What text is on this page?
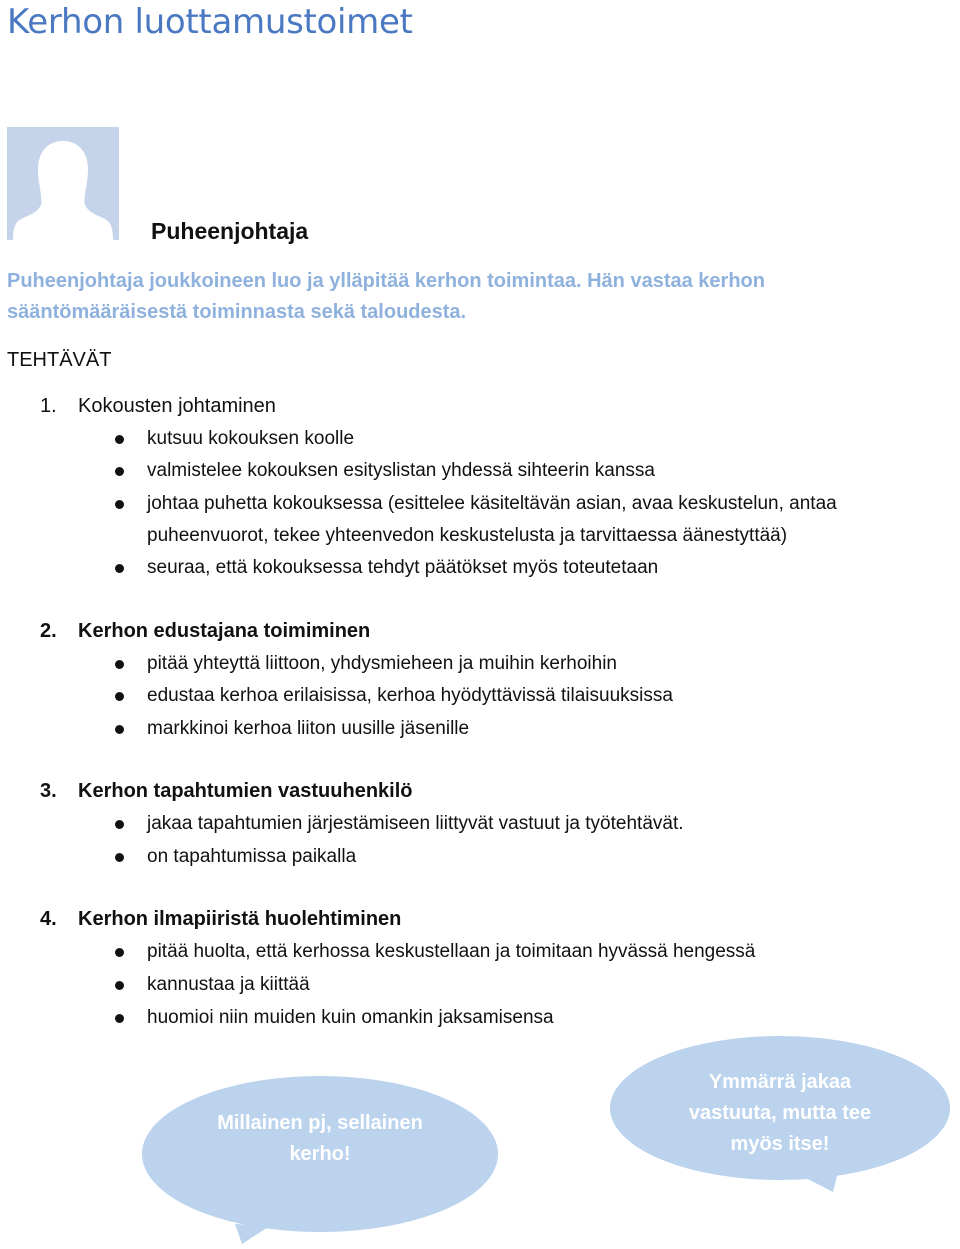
Kerhon luottamustoimet
Puheenjohtaja
Puheenjohtaja joukkoineen luo ja ylläpitää kerhon toimintaa. Hän vastaa kerhon sääntömääräisestä toiminnasta sekä taloudesta.
TEHTÄVÄT
1. Kokousten johtaminen
kutsuu kokouksen koolle
valmistelee kokouksen esityslistan yhdessä sihteerin kanssa
johtaa puhetta kokouksessa (esittelee käsiteltävän asian, avaa keskustelun, antaa puheenvuorot, tekee yhteenvedon keskustelusta ja tarvittaessa äänestyttää)
seuraa, että kokouksessa tehdyt päätökset myös toteutetaan
2. Kerhon edustajana toimiminen
pitää yhteyttä liittoon, yhdysmieheen ja muihin kerhoihin
edustaa kerhoa erilaisissa, kerhoa hyödyttävissä tilaisuuksissa
markkinoi kerhoa liiton uusille jäsenille
3. Kerhon tapahtumien vastuuhenkilö
jakaa tapahtumien järjestämiseen liittyvät vastuut ja työtehtävät.
on tapahtumissa paikalla
4. Kerhon ilmapiiristä huolehtiminen
pitää huolta, että kerhossa keskustellaan ja toimitaan hyvässä hengessä
kannustaa ja kiittää
huomioi niin muiden kuin omankin jaksamisensa
Millainen pj, sellainen kerho!
Ymmärrä jakaa vastuuta, mutta tee myös itse!
